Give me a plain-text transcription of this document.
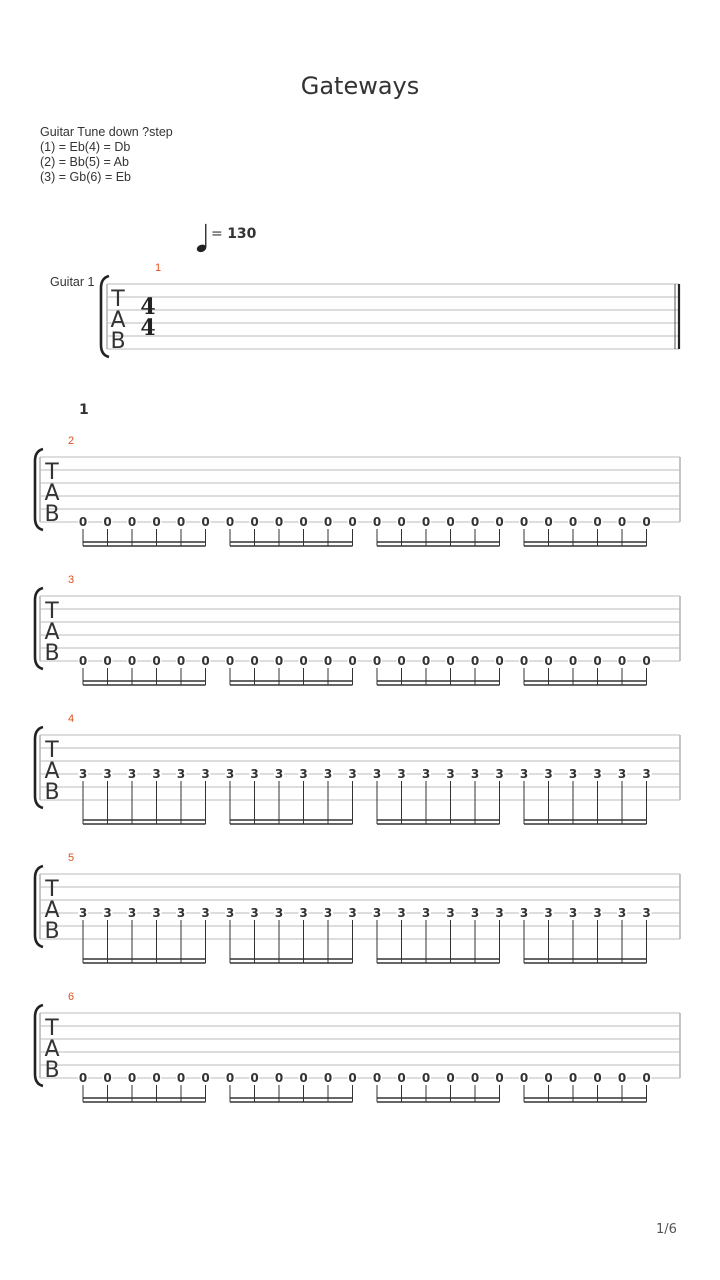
Gateways
Guitar Tune down ?step
(1) = Eb(4) = Db
(2) = Bb(5) = Ab
(3) = Gb(6) = Eb
= 130
Guitar 1
1
T
A
B
4
4
1
T
A
B
2
0 0 0 0 0 0 0 0 0 0 0 0 0 0 0 0 0 0 0 0 0 0 0 0
T
A
B
3
0 0 0 0 0 0 0 0 0 0 0 0 0 0 0 0 0 0 0 0 0 0 0 0
T
A
B
4
3 3 3 3 3 3 3 3 3 3 3 3 3 3 3 3 3 3 3 3 3 3 3 3
T
A
B
5
3 3 3 3 3 3 3 3 3 3 3 3 3 3 3 3 3 3 3 3 3 3 3 3
T
A
B
6
0 0 0 0 0 0 0 0 0 0 0 0 0 0 0 0 0 0 0 0 0 0 0 0
1/6
